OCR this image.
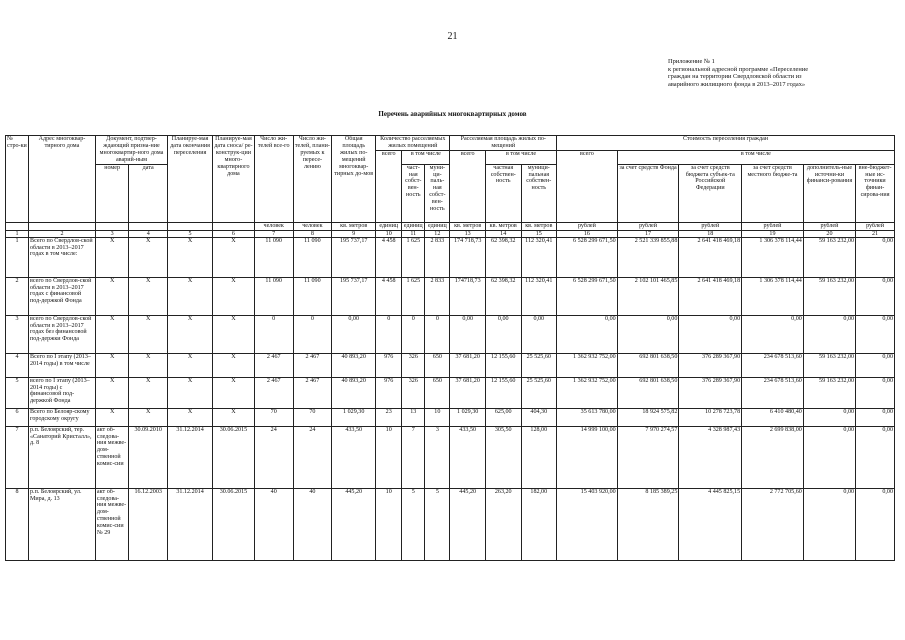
21
Приложение № 1
к региональной адресной программе «Переселение
граждан на территории Свердловской области из
аварийного жилищного фонда в 2013–2017 годах»
Перечень аварийных многоквартирных домов
№ стро-ки	Адрес многоквар-тирного дома	Документ, подтвер-ждающий призна-ние многоквартир-ного дома аварий-ным		Планируе-мая дата окончания переселения	Планируе-мая дата сноса/ ре-конструк-ции много-квартирного дома	Число жи-телей все-го	Число жи-телей, плани-руемых к пересе-лению	Общая площадь жилых по-мещений многоквар-тирных до-мов	Количество расселяемых жилых помещений			Расселяемая площадь жилых по-мещений			Стоимость переселения граждан					
									всего	в том числе		всего	в том числе		всего	в том числе				
		номер	дата							част-ная собст-вен-ность	муни-ци-паль-ная собст-вен-ность		частная собствен-ность	муници-пальная собствен-ность		за счет средств Фонда	за счет средств бюджета субъек-та Российской Федерации	за счет средств местного бюдже-та	дополнитель-ные источни-ки финанси-рования	вне-бюджет-ные ис-точники финан-сирова-ния
						человек	человек	кв. метров	единиц	единиц	единиц	кв. метров	кв. метров	кв. метров	рублей	рублей	рублей	рублей	рублей	рублей
1	2	3	4	5	6	7	8	9	10	11	12	13	14	15	16	17	18	19	20	21
1	Всего по Свердлов-ской области в 2013–2017 годах в том числе:	X	X	X	X	11 090	11 090	195 737,17	4 458	1 625	2 833	174 718,73	62 398,32	112 320,41	6 528 299 671,50	2 521 339 855,88	2 641 418 469,18	1 306 378 114,44	59 163 232,00	0,00
2	всего по Свердлов-ской области в 2013–2017 годах с финансовой под-держкой Фонда	X	X	X	X	11 090	11 090	195 737,17	4 458	1 625	2 833	174718,73	62 398,32	112 320,41	6 528 299 671,50	2 102 101 465,85	2 641 418 469,18	1 306 378 114,44	59 163 232,00	0,00
3	всего по Свердлов-ской области в 2013–2017 годах без финансовой под-держки Фонда	X	X	X	X	0	0	0,00	0	0	0	0,00	0,00	0,00	0,00	0,00	0,00	0,00	0,00	0,00
4	Всего по I этапу (2013–2014 годы) в том числе	X	X	X	X	2 467	2 467	40 893,20	976	326	650	37 681,20	12 155,60	25 525,60	1 362 932 752,00	692 801 638,50	376 289 367,90	234 678 513,60	59 163 232,00	0,00
5	всего по I этапу (2013–2014 годы) с финансовой под-держкой Фонда	X	X	X	X	2 467	2 467	40 893,20	976	326	650	37 681,20	12 155,60	25 525,60	1 362 932 752,00	692 801 638,50	376 289 367,90	234 678 513,60	59 163 232,00	0,00
6	Всего по Белояр-скому городскому округу	X	X	X	X	70	70	1 029,30	23	13	10	1 029,30	625,00	404,30	35 613 780,00	18 924 575,82	10 278 723,78	6 410 480,40	0,00	0,00
7	р.п. Белоярский, тер. «Санаторий Кристалл», д. 8	акт об-следова-ния межве-дом-ственной комис-сии	30.09.2010	31.12.2014	30.06.2015	24	24	433,50	10	7	3	433,50	305,50	128,00	14 999 100,00	7 970 274,57	4 328 987,43	2 699 838,00	0,00	0,00
8	р.п. Белоярский, ул. Мира, д. 13	акт об-следова-ния межве-дом-ственной комис-сии № 29	16.12.2003	31.12.2014	30.06.2015	40	40	445,20	10	5	5	445,20	263,20	182,00	15 403 920,00	8 185 389,25	4 445 825,15	2 772 705,60	0,00	0,00
